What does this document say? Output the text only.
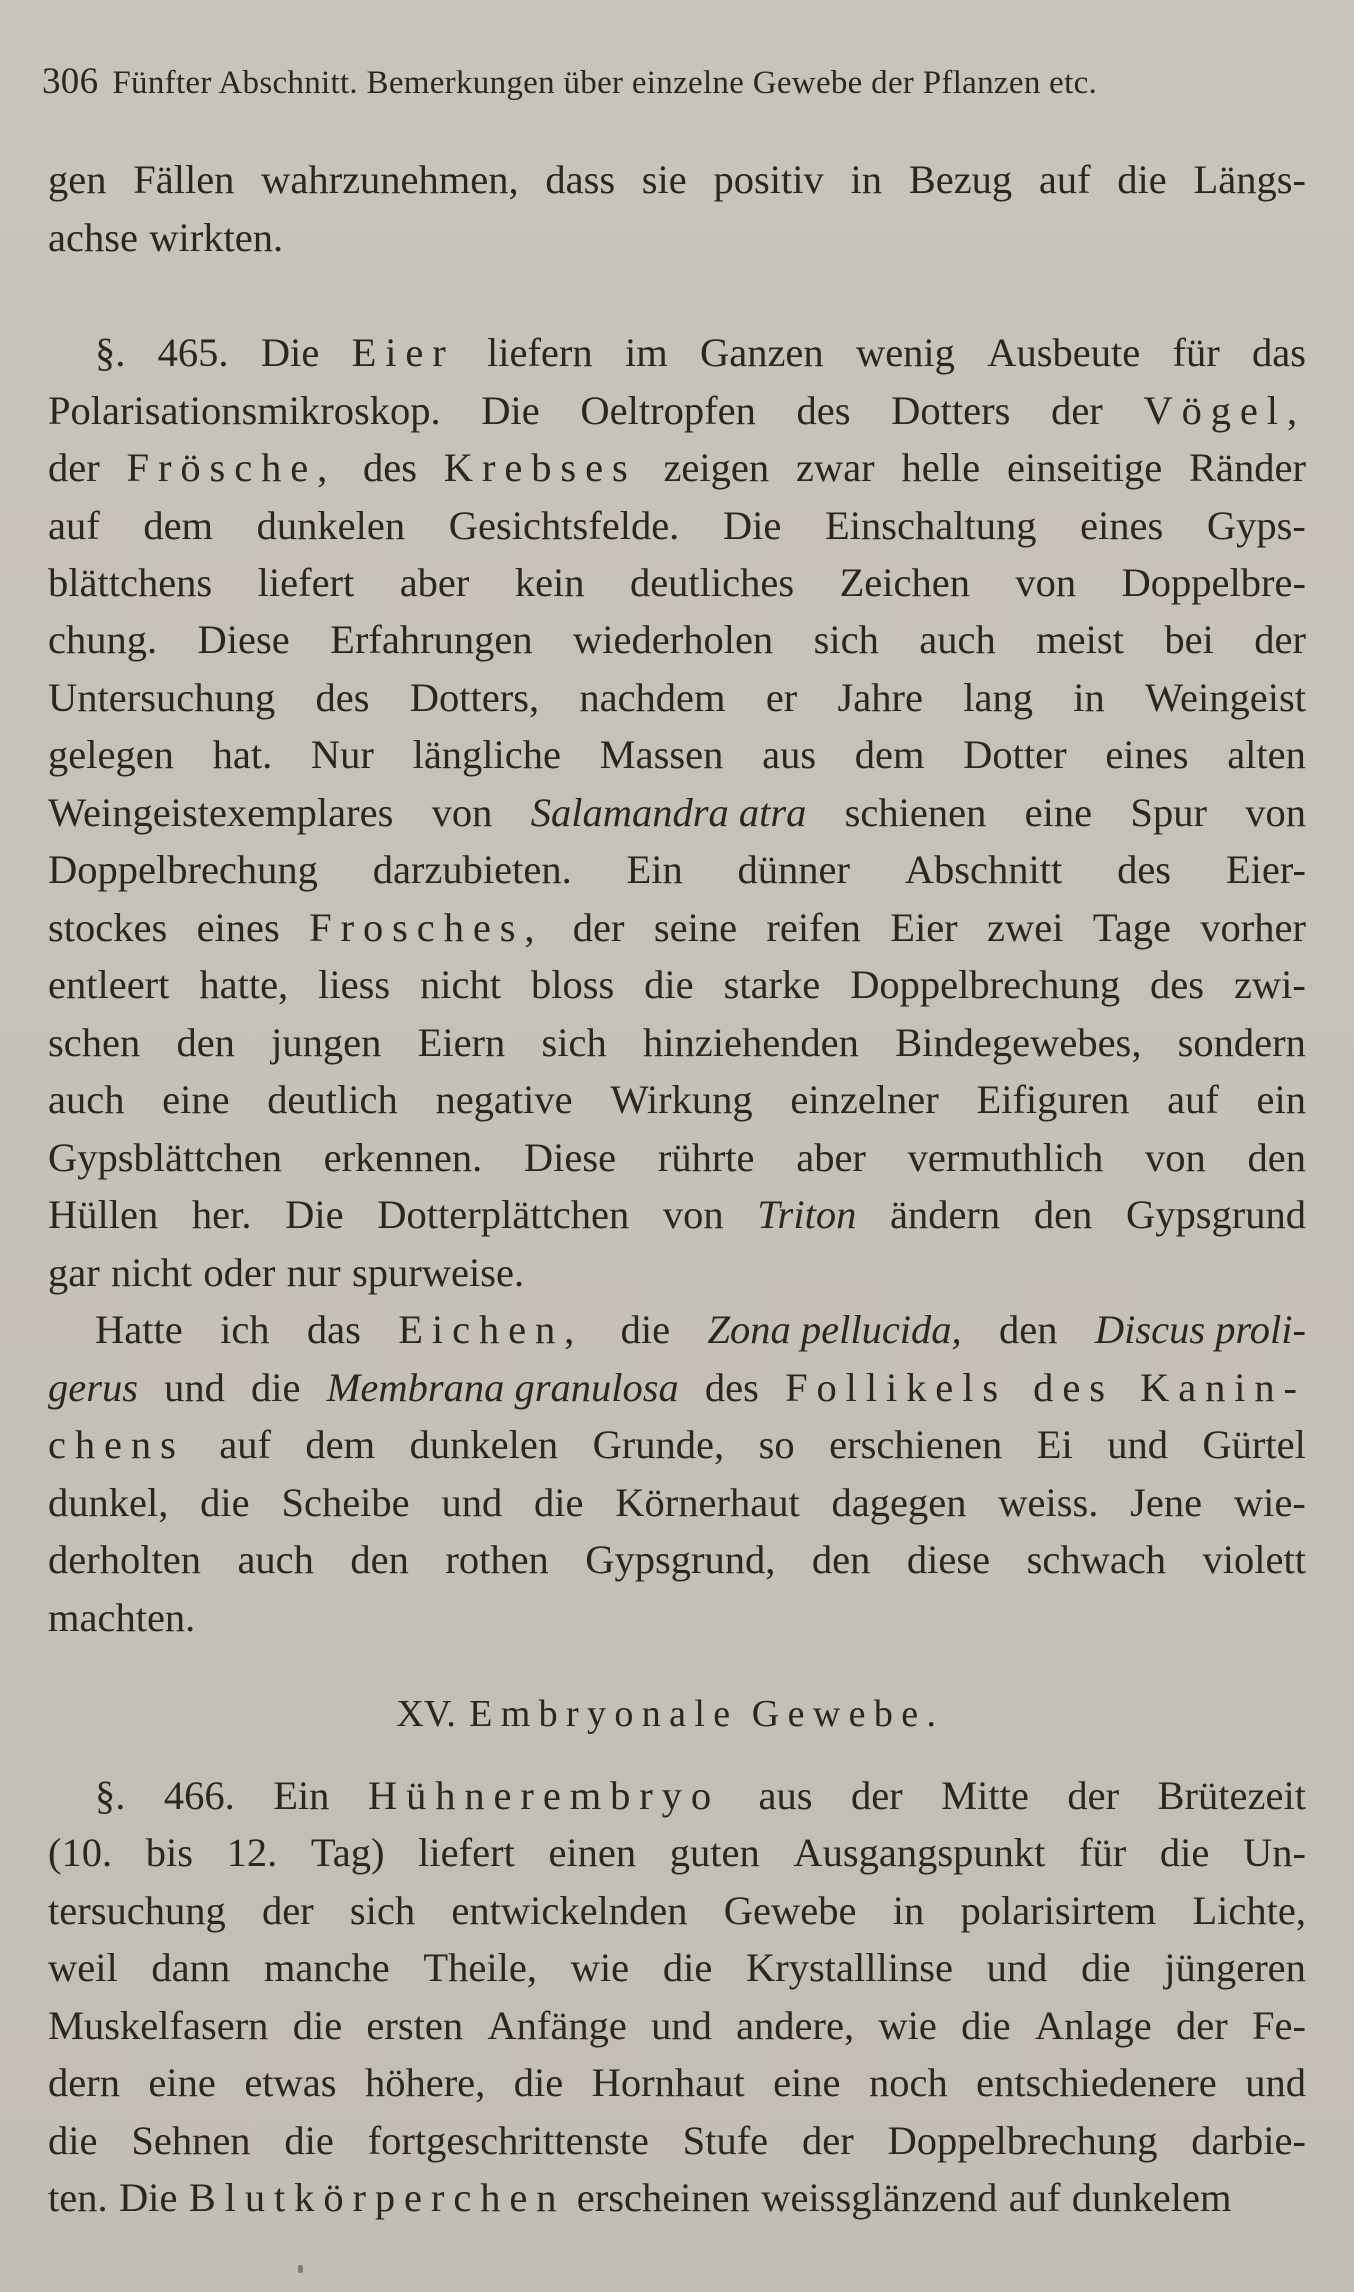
306 Fünfter Abschnitt. Bemerkungen über einzelne Gewebe der Pflanzen etc.
gen Fällen wahrzunehmen, dass sie positiv in Bezug auf die Längs-
achse wirkten.
§. 465. Die Eier liefern im Ganzen wenig Ausbeute für das
Polarisationsmikroskop. Die Oeltropfen des Dotters der Vögel,
der Frösche, des Krebses zeigen zwar helle einseitige Ränder
auf dem dunkelen Gesichtsfelde. Die Einschaltung eines Gyps-
blättchens liefert aber kein deutliches Zeichen von Doppelbre-
chung. Diese Erfahrungen wiederholen sich auch meist bei der
Untersuchung des Dotters, nachdem er Jahre lang in Weingeist
gelegen hat. Nur längliche Massen aus dem Dotter eines alten
Weingeistexemplares von Salamandra atra schienen eine Spur von
Doppelbrechung darzubieten. Ein dünner Abschnitt des Eier-
stockes eines Frosches, der seine reifen Eier zwei Tage vorher
entleert hatte, liess nicht bloss die starke Doppelbrechung des zwi-
schen den jungen Eiern sich hinziehenden Bindegewebes, sondern
auch eine deutlich negative Wirkung einzelner Eifiguren auf ein
Gypsblättchen erkennen. Diese rührte aber vermuthlich von den
Hüllen her. Die Dotterplättchen von Triton ändern den Gypsgrund
gar nicht oder nur spurweise.
Hatte ich das Eichen, die Zona pellucida, den Discus proli-
gerus und die Membrana granulosa des Follikels des Kanin-
chens auf dem dunkelen Grunde, so erschienen Ei und Gürtel
dunkel, die Scheibe und die Körnerhaut dagegen weiss. Jene wie-
derholten auch den rothen Gypsgrund, den diese schwach violett
machten.
XV. Embryonale Gewebe.
§. 466. Ein Hühnerembryo aus der Mitte der Brütezeit
(10. bis 12. Tag) liefert einen guten Ausgangspunkt für die Un-
tersuchung der sich entwickelnden Gewebe in polarisirtem Lichte,
weil dann manche Theile, wie die Krystalllinse und die jüngeren
Muskelfasern die ersten Anfänge und andere, wie die Anlage der Fe-
dern eine etwas höhere, die Hornhaut eine noch entschiedenere und
die Sehnen die fortgeschrittenste Stufe der Doppelbrechung darbie-
ten. Die Blutkörperchen erscheinen weissglänzend auf dunkelem
